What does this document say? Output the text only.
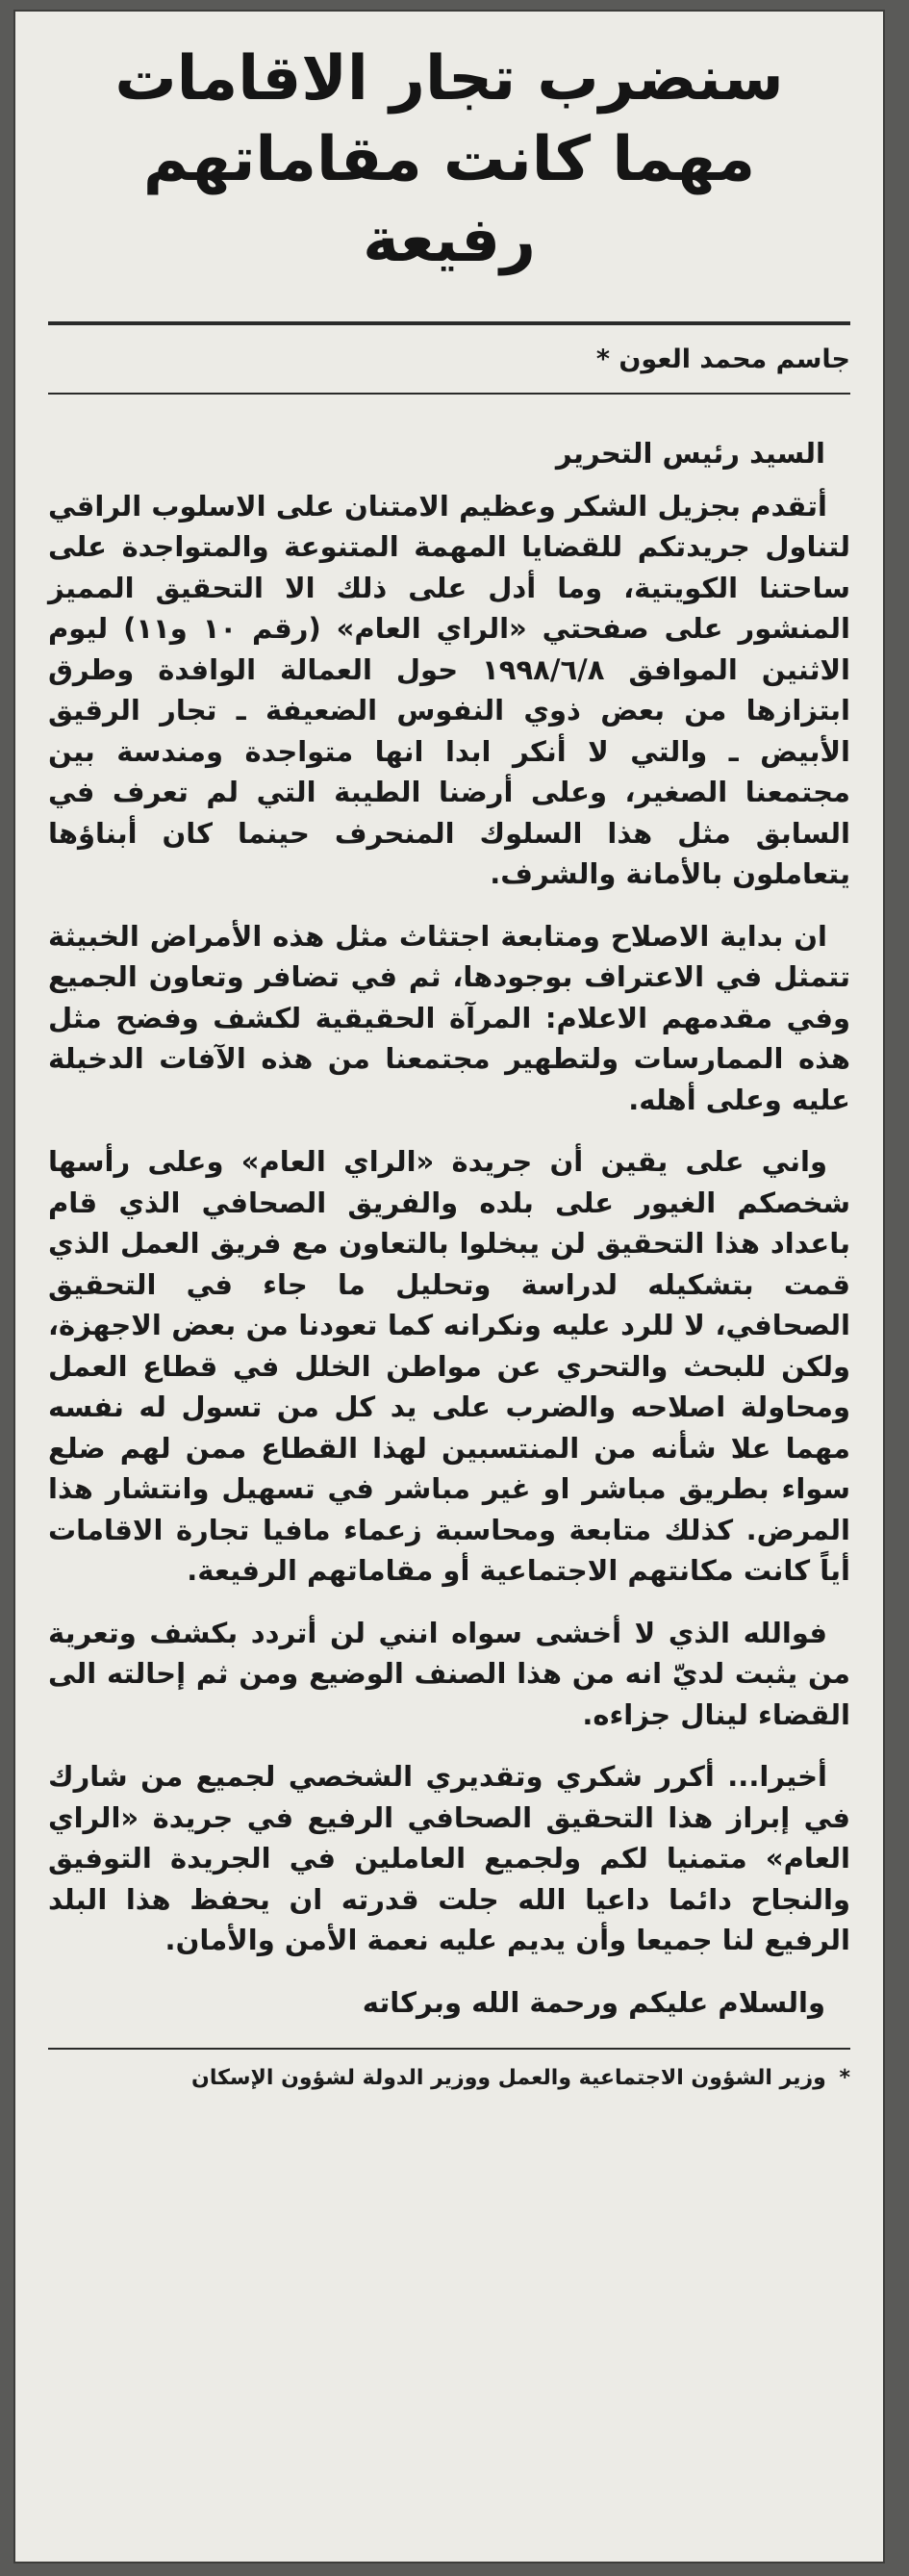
سنضرب تجار الاقامات
مهما كانت مقاماتهم رفيعة
جاسم محمد العون *
السيد رئيس التحرير

أتقدم بجزيل الشكر وعظيم الامتنان على الاسلوب الراقي لتناول جريدتكم للقضايا المهمة المتنوعة والمتواجدة على ساحتنا الكويتية، وما أدل على ذلك الا التحقيق المميز المنشور على صفحتي «الراي العام» (رقم ١٠ و١١) ليوم الاثنين الموافق ١٩٩٨/٦/٨ حول العمالة الوافدة وطرق ابتزازها من بعض ذوي النفوس الضعيفة ـ تجار الرقيق الأبيض ـ والتي لا أنكر ابدا انها متواجدة ومندسة بين مجتمعنا الصغير، وعلى أرضنا الطيبة التي لم تعرف في السابق مثل هذا السلوك المنحرف حينما كان أبناؤها يتعاملون بالأمانة والشرف.

ان بداية الاصلاح ومتابعة اجتثاث مثل هذه الأمراض الخبيثة تتمثل في الاعتراف بوجودها، ثم في تضافر وتعاون الجميع وفي مقدمهم الاعلام: المرآة الحقيقية لكشف وفضح مثل هذه الممارسات ولتطهير مجتمعنا من هذه الآفات الدخيلة عليه وعلى أهله.

واني على يقين أن جريدة «الراي العام» وعلى رأسها شخصكم الغيور على بلده والفريق الصحافي الذي قام باعداد هذا التحقيق لن يبخلوا بالتعاون مع فريق العمل الذي قمت بتشكيله لدراسة وتحليل ما جاء في التحقيق الصحافي، لا للرد عليه ونكرانه كما تعودنا من بعض الاجهزة، ولكن للبحث والتحري عن مواطن الخلل في قطاع العمل ومحاولة اصلاحه والضرب على يد كل من تسول له نفسه مهما علا شأنه من المنتسبين لهذا القطاع ممن لهم ضلع سواء بطريق مباشر او غير مباشر في تسهيل وانتشار هذا المرض. كذلك متابعة ومحاسبة زعماء مافيا تجارة الاقامات أياً كانت مكانتهم الاجتماعية أو مقاماتهم الرفيعة.

فوالله الذي لا أخشى سواه انني لن أتردد بكشف وتعرية من يثبت لديّ انه من هذا الصنف الوضيع ومن ثم إحالته الى القضاء لينال جزاءه.

أخيرا... أكرر شكري وتقديري الشخصي لجميع من شارك في إبراز هذا التحقيق الصحافي الرفيع في جريدة «الراي العام» متمنيا لكم ولجميع العاملين في الجريدة التوفيق والنجاح دائما داعيا الله جلت قدرته ان يحفظ هذا البلد الرفيع لنا جميعا وأن يديم عليه نعمة الأمن والأمان.

والسلام عليكم ورحمة الله وبركاته
* وزير الشؤون الاجتماعية والعمل ووزير الدولة لشؤون الإسكان
